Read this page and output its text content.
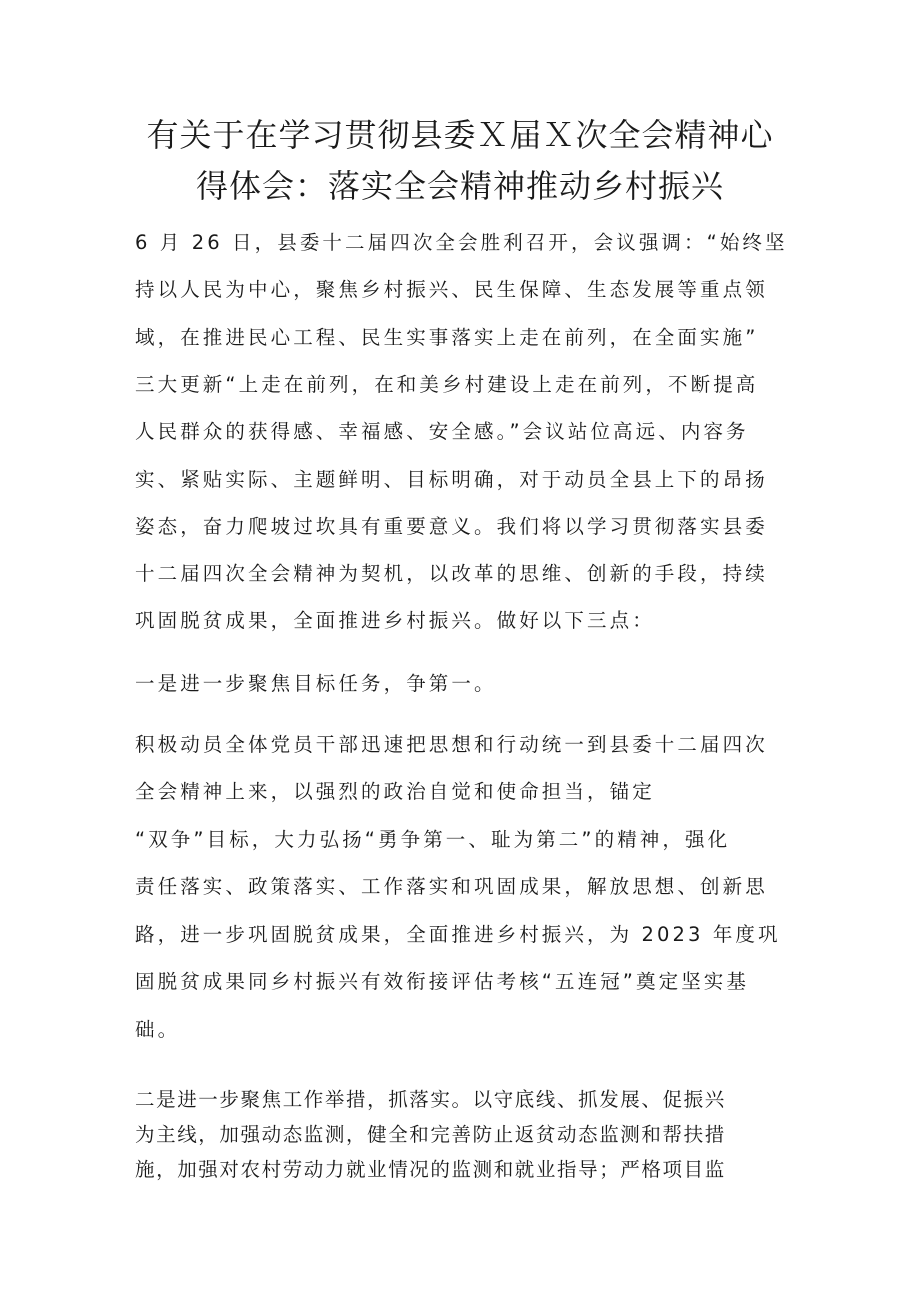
有关于在学习贯彻县委Ｘ届Ｘ次全会精神心
得体会：落实全会精神推动乡村振兴
6 月 26 日，县委十二届四次全会胜利召开，会议强调：“始终坚
持以人民为中心，聚焦乡村振兴、民生保障、生态发展等重点领
域，在推进民心工程、民生实事落实上走在前列，在全面实施”
三大更新“上走在前列，在和美乡村建设上走在前列，不断提高
人民群众的获得感、幸福感、安全感。”会议站位高远、内容务
实、紧贴实际、主题鲜明、目标明确，对于动员全县上下的昂扬
姿态，奋力爬坡过坎具有重要意义。我们将以学习贯彻落实县委
十二届四次全会精神为契机，以改革的思维、创新的手段，持续
巩固脱贫成果，全面推进乡村振兴。做好以下三点：
一是进一步聚焦目标任务，争第一。
积极动员全体党员干部迅速把思想和行动统一到县委十二届四次
全会精神上来，以强烈的政治自觉和使命担当，锚定
“双争”目标，大力弘扬“勇争第一、耻为第二”的精神，强化
责任落实、政策落实、工作落实和巩固成果，解放思想、创新思
路，进一步巩固脱贫成果，全面推进乡村振兴，为 2023 年度巩
固脱贫成果同乡村振兴有效衔接评估考核“五连冠”奠定坚实基
础。
二是进一步聚焦工作举措，抓落实。以守底线、抓发展、促振兴
为主线，加强动态监测，健全和完善防止返贫动态监测和帮扶措
施，加强对农村劳动力就业情况的监测和就业指导；严格项目监
